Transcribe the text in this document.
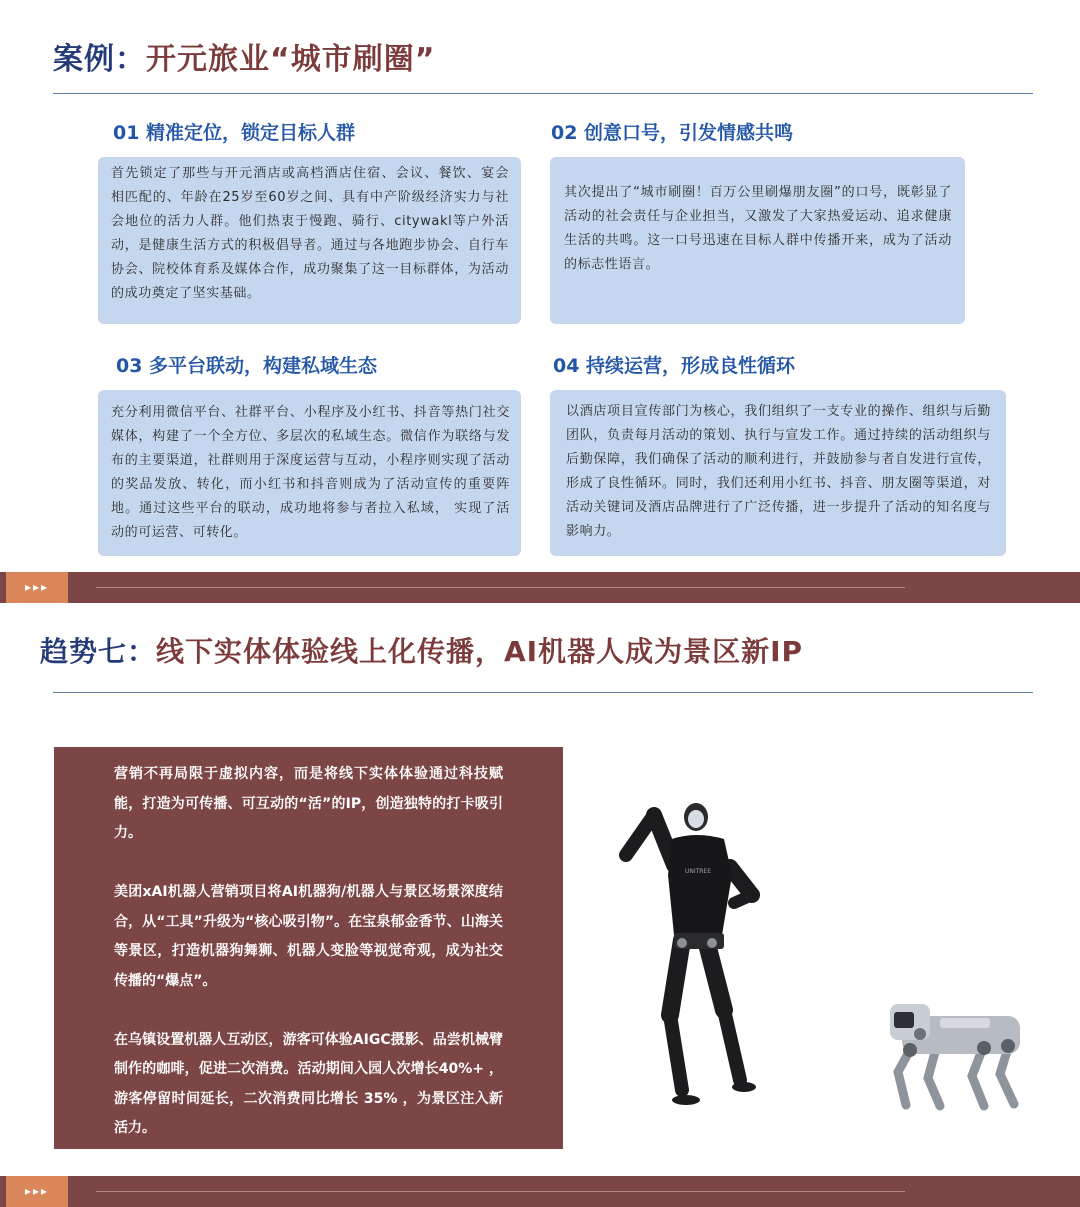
案例：开元旅业“城市刷圈”
01 精准定位，锁定目标人群
首先锁定了那些与开元酒店或高档酒店住宿、会议、餐饮、宴会 相匹配的、年龄在25岁至60岁之间、具有中产阶级经济实力与社会地位的活力人群。他们热衷于慢跑、骑行、citywakl等户外活动，是健康生活方式的积极倡导者。通过与各地跑步协会、自行车协会、院校体育系及媒体合作，成功聚集了这一目标群体，为活动的成功奠定了坚实基础。
02 创意口号，引发情感共鸣
其次提出了“城市刷圈！百万公里刷爆朋友圈”的口号，既彰显了活动的社会责任与企业担当，又激发了大家热爱运动、追求健康生活的共鸣。这一口号迅速在目标人群中传播开来，成为了活动的标志性语言。
03 多平台联动，构建私域生态
充分利用微信平台、社群平台、小程序及小红书、抖音等热门社交媒体，构建了一个全方位、多层次的私域生态。微信作为联络与发布的主要渠道，社群则用于深度运营与互动，小程序则实现了活动的奖品发放、转化，而小红书和抖音则成为了活动宣传的重要阵地。通过这些平台的联动，成功地将参与者拉入私域， 实现了活动的可运营、可转化。
04 持续运营，形成良性循环
以酒店项目宣传部门为核心，我们组织了一支专业的操作、组织与后勤团队，负责每月活动的策划、执行与宣发工作。通过持续的活动组织与后勤保障，我们确保了活动的顺利进行，并鼓励参与者自发进行宣传，形成了良性循环。同时，我们还利用小红书、抖音、朋友圈等渠道，对活动关键词及酒店品牌进行了广泛传播，进一步提升了活动的知名度与影响力。
▸▸▸
趋势七：线下实体体验线上化传播，AI机器人成为景区新IP

营销不再局限于虚拟内容，而是将线下实体体验通过科技赋能，打造为可传播、可互动的“活”的IP，创造独特的打卡吸引力。

美团xAI机器人营销项目将AI机器狗/机器人与景区场景深度结合，从“工具”升级为“核心吸引物”。在宝泉郁金香节、山海关等景区，打造机器狗舞狮、机器人变脸等视觉奇观，成为社交传播的“爆点”。

在乌镇设置机器人互动区，游客可体验AIGC摄影、品尝机械臂制作的咖啡，促进二次消费。活动期间入园人次增长40%+ ，游客停留时间延长，二次消费同比增长 35% ，为景区注入新活力。

UNITREE
▸▸▸
